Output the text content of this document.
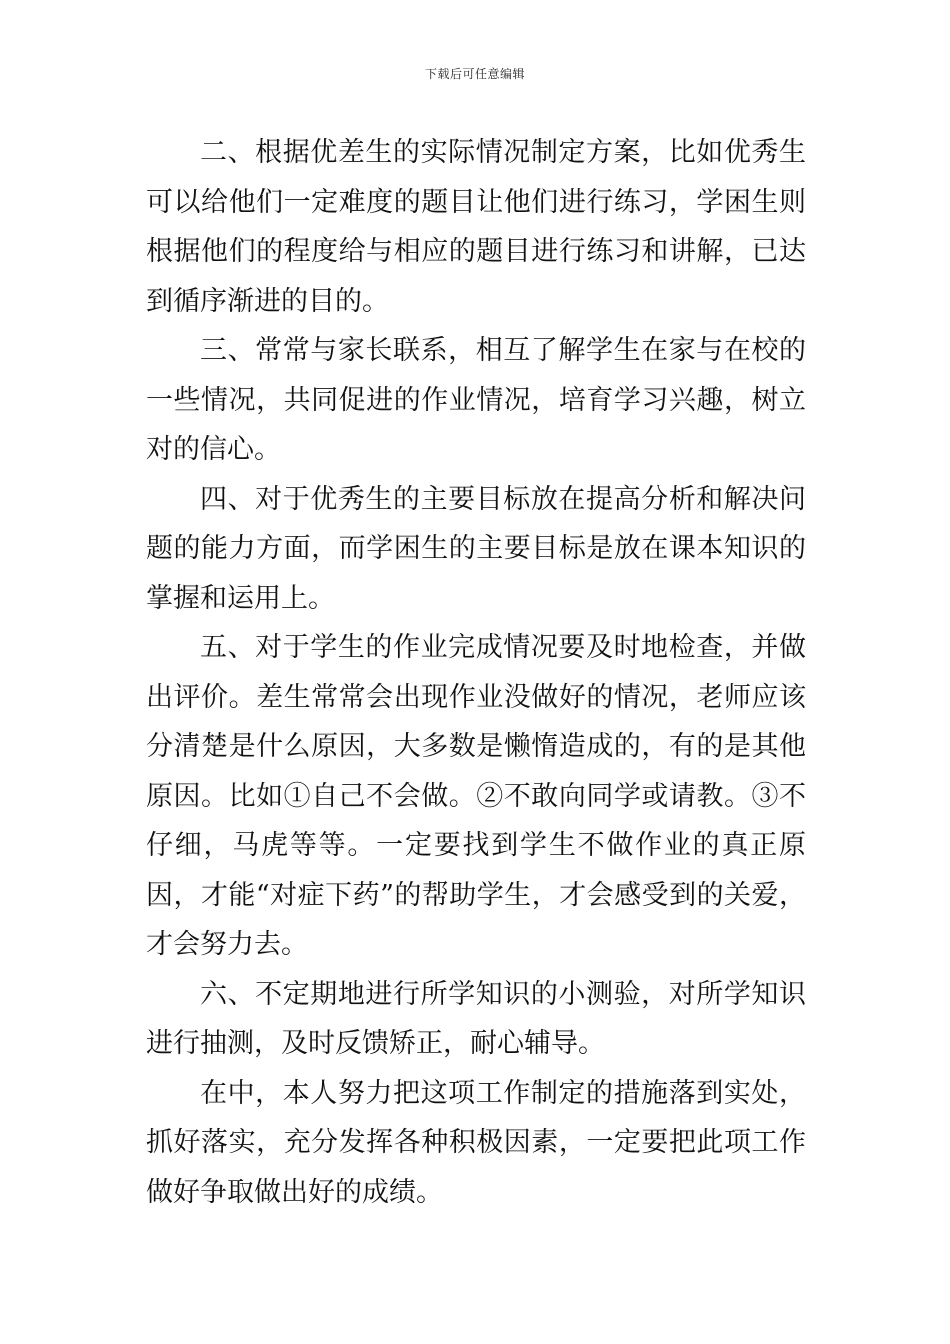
下载后可任意编辑

二、根据优差生的实际情况制定方案，比如优秀生可以给他们一定难度的题目让他们进行练习，学困生则根据他们的程度给与相应的题目进行练习和讲解，已达到循序渐进的目的。

三、常常与家长联系，相互了解学生在家与在校的一些情况，共同促进的作业情况，培育学习兴趣，树立对的信心。

四、对于优秀生的主要目标放在提高分析和解决问题的能力方面，而学困生的主要目标是放在课本知识的掌握和运用上。

五、对于学生的作业完成情况要及时地检查，并做出评价。差生常常会出现作业没做好的情况，老师应该分清楚是什么原因，大多数是懒惰造成的，有的是其他原因。比如①自己不会做。②不敢向同学或请教。③不仔细，马虎等等。一定要找到学生不做作业的真正原因，才能“对症下药”的帮助学生，才会感受到的关爱，才会努力去。

六、不定期地进行所学知识的小测验，对所学知识进行抽测，及时反馈矫正，耐心辅导。

在中，本人努力把这项工作制定的措施落到实处，抓好落实，充分发挥各种积极因素，一定要把此项工作做好争取做出好的成绩。
